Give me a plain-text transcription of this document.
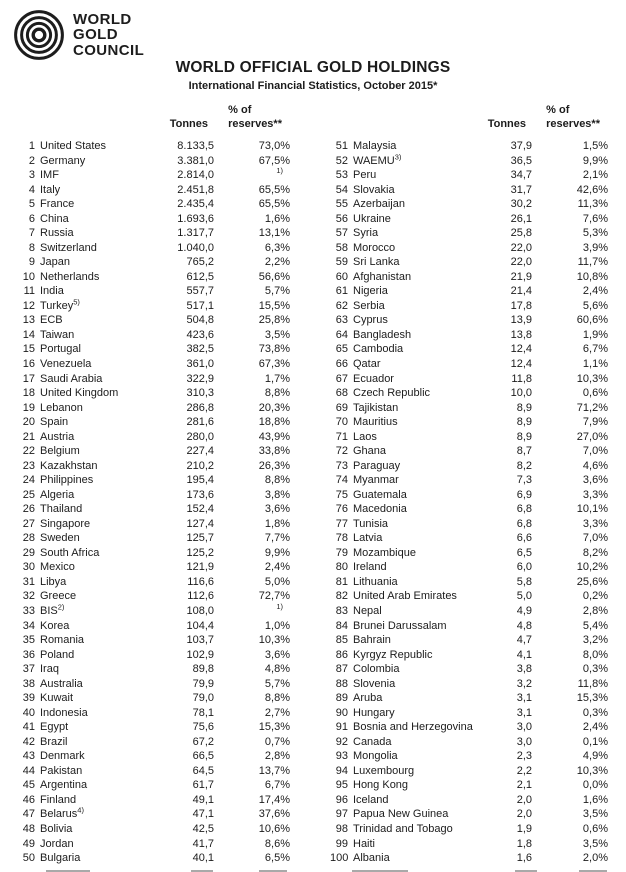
WORLD
GOLD
COUNCIL
WORLD OFFICIAL GOLD HOLDINGS
International Financial Statistics, October 2015*
Tonnes
% of
reserves**
1 United States	8.133,5	73,0%
2 Germany	3.381,0	67,5%
3 IMF	2.814,0	$^{1)}$
4 Italy	2.451,8	65,5%
5 France	2.435,4	65,5%
6 China	1.693,6	1,6%
7 Russia	1.317,7	13,1%
8 Switzerland	1.040,0	6,3%
9 Japan	765,2	2,2%
10 Netherlands	612,5	56,6%
11 India	557,7	5,7%
12 Turkey$^{5)}$	517,1	15,5%
13 ECB	504,8	25,8%
14 Taiwan	423,6	3,5%
15 Portugal	382,5	73,8%
16 Venezuela	361,0	67,3%
17 Saudi Arabia	322,9	1,7%
18 United Kingdom	310,3	8,8%
19 Lebanon	286,8	20,3%
20 Spain	281,6	18,8%
21 Austria	280,0	43,9%
22 Belgium	227,4	33,8%
23 Kazakhstan	210,2	26,3%
24 Philippines	195,4	8,8%
25 Algeria	173,6	3,8%
26 Thailand	152,4	3,6%
27 Singapore	127,4	1,8%
28 Sweden	125,7	7,7%
29 South Africa	125,2	9,9%
30 Mexico	121,9	2,4%
31 Libya	116,6	5,0%
32 Greece	112,6	72,7%
33 BIS$^{2)}$	108,0	$^{1)}$
34 Korea	104,4	1,0%
35 Romania	103,7	10,3%
36 Poland	102,9	3,6%
37 Iraq	89,8	4,8%
38 Australia	79,9	5,7%
39 Kuwait	79,0	8,8%
40 Indonesia	78,1	2,7%
41 Egypt	75,6	15,3%
42 Brazil	67,2	0,7%
43 Denmark	66,5	2,8%
44 Pakistan	64,5	13,7%
45 Argentina	61,7	6,7%
46 Finland	49,1	17,4%
47 Belarus$^{4)}$	47,1	37,6%
48 Bolivia	42,5	10,6%
49 Jordan	41,7	8,6%
50 Bulgaria	40,1	6,5%
Tonnes
% of
reserves**
51 Malaysia	37,9	1,5%
52 WAEMU$^{3)}$	36,5	9,9%
53 Peru	34,7	2,1%
54 Slovakia	31,7	42,6%
55 Azerbaijan	30,2	11,3%
56 Ukraine	26,1	7,6%
57 Syria	25,8	5,3%
58 Morocco	22,0	3,9%
59 Sri Lanka	22,0	11,7%
60 Afghanistan	21,9	10,8%
61 Nigeria	21,4	2,4%
62 Serbia	17,8	5,6%
63 Cyprus	13,9	60,6%
64 Bangladesh	13,8	1,9%
65 Cambodia	12,4	6,7%
66 Qatar	12,4	1,1%
67 Ecuador	11,8	10,3%
68 Czech Republic	10,0	0,6%
69 Tajikistan	8,9	71,2%
70 Mauritius	8,9	7,9%
71 Laos	8,9	27,0%
72 Ghana	8,7	7,0%
73 Paraguay	8,2	4,6%
74 Myanmar	7,3	3,6%
75 Guatemala	6,9	3,3%
76 Macedonia	6,8	10,1%
77 Tunisia	6,8	3,3%
78 Latvia	6,6	7,0%
79 Mozambique	6,5	8,2%
80 Ireland	6,0	10,2%
81 Lithuania	5,8	25,6%
82 United Arab Emirates	5,0	0,2%
83 Nepal	4,9	2,8%
84 Brunei Darussalam	4,8	5,4%
85 Bahrain	4,7	3,2%
86 Kyrgyz Republic	4,1	8,0%
87 Colombia	3,8	0,3%
88 Slovenia	3,2	11,8%
89 Aruba	3,1	15,3%
90 Hungary	3,1	0,3%
91 Bosnia and Herzegovina	3,0	2,4%
92 Canada	3,0	0,1%
93 Mongolia	2,3	4,9%
94 Luxembourg	2,2	10,3%
95 Hong Kong	2,1	0,0%
96 Iceland	2,0	1,6%
97 Papua New Guinea	2,0	3,5%
98 Trinidad and Tobago	1,9	0,6%
99 Haiti	1,8	3,5%
100 Albania	1,6	2,0%
